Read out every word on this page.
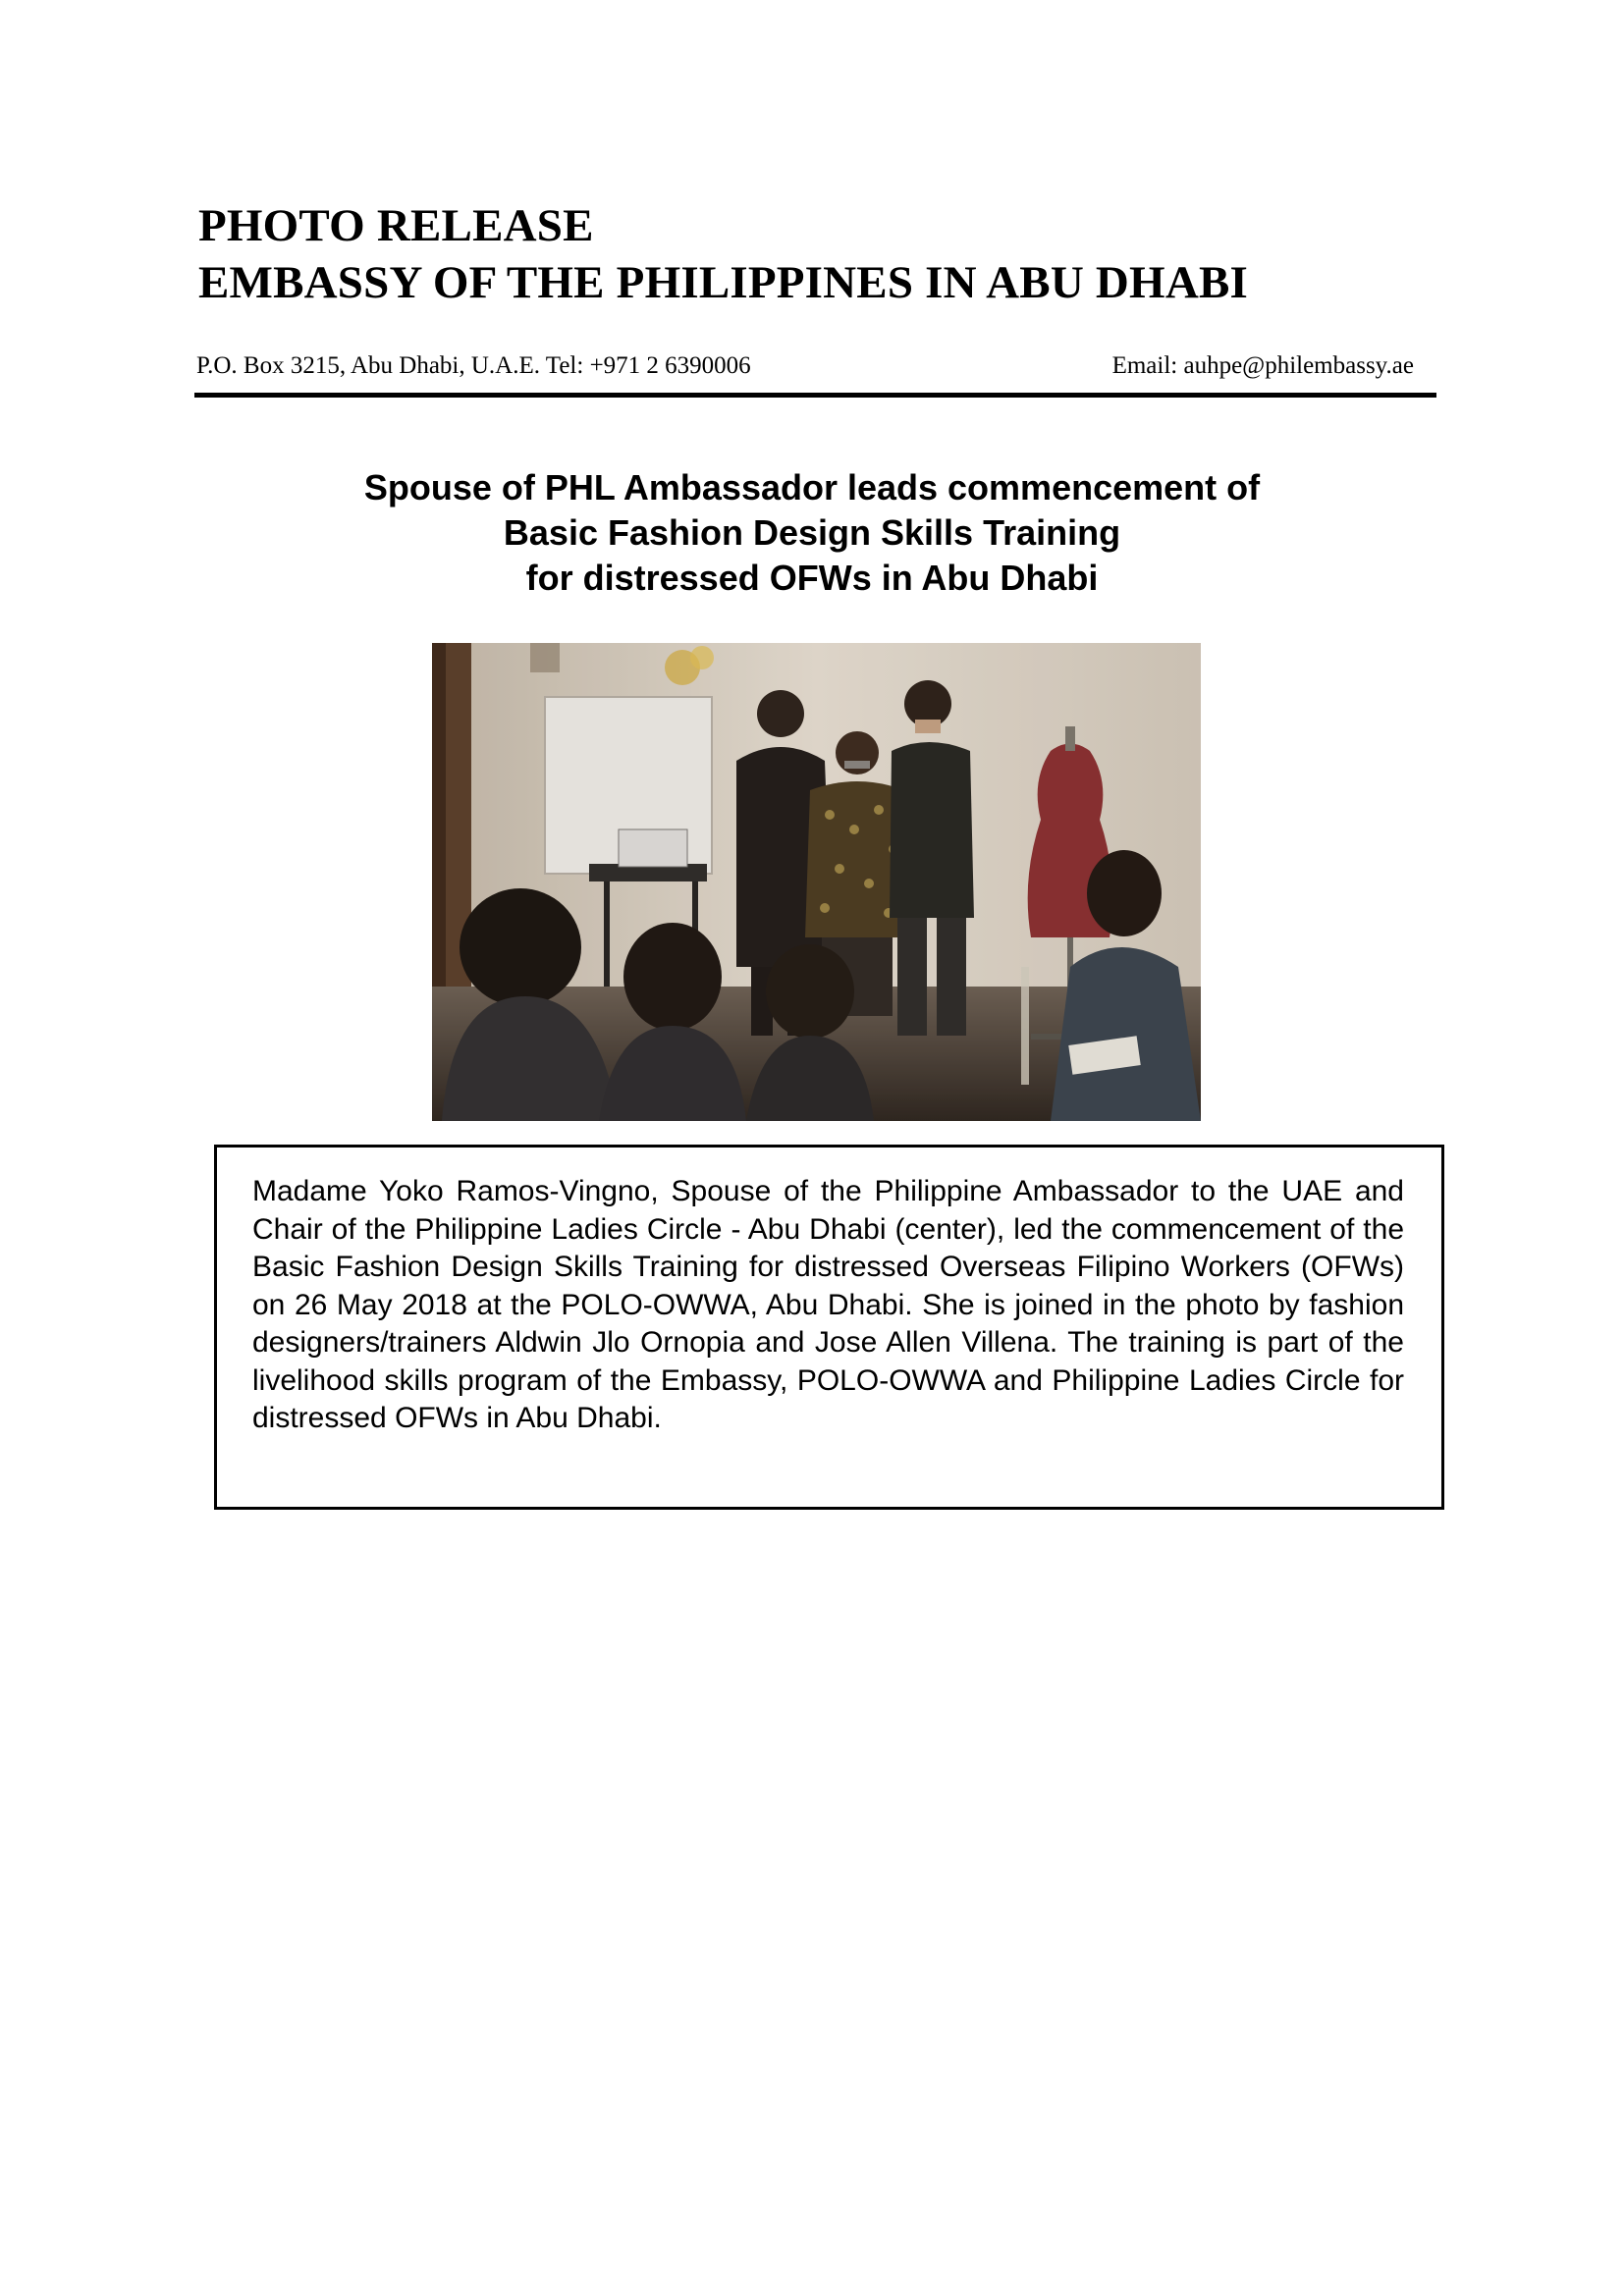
PHOTO RELEASE
EMBASSY OF THE PHILIPPINES IN ABU DHABI
P.O. Box 3215, Abu Dhabi, U.A.E. Tel: +971 2 6390006	Email: auhpe@philembassy.ae
Spouse of PHL Ambassador leads commencement of
Basic Fashion Design Skills Training
for distressed OFWs in Abu Dhabi

Madame Yoko Ramos-Vingno, Spouse of the Philippine Ambassador to the UAE and Chair of the Philippine Ladies Circle - Abu Dhabi (center), led the commencement of the Basic Fashion Design Skills Training for distressed Overseas Filipino Workers (OFWs) on 26 May 2018 at the POLO-OWWA, Abu Dhabi. She is joined in the photo by fashion designers/trainers Aldwin Jlo Ornopia and Jose Allen Villena. The training is part of the livelihood skills program of the Embassy, POLO-OWWA and Philippine Ladies Circle for distressed OFWs in Abu Dhabi.
